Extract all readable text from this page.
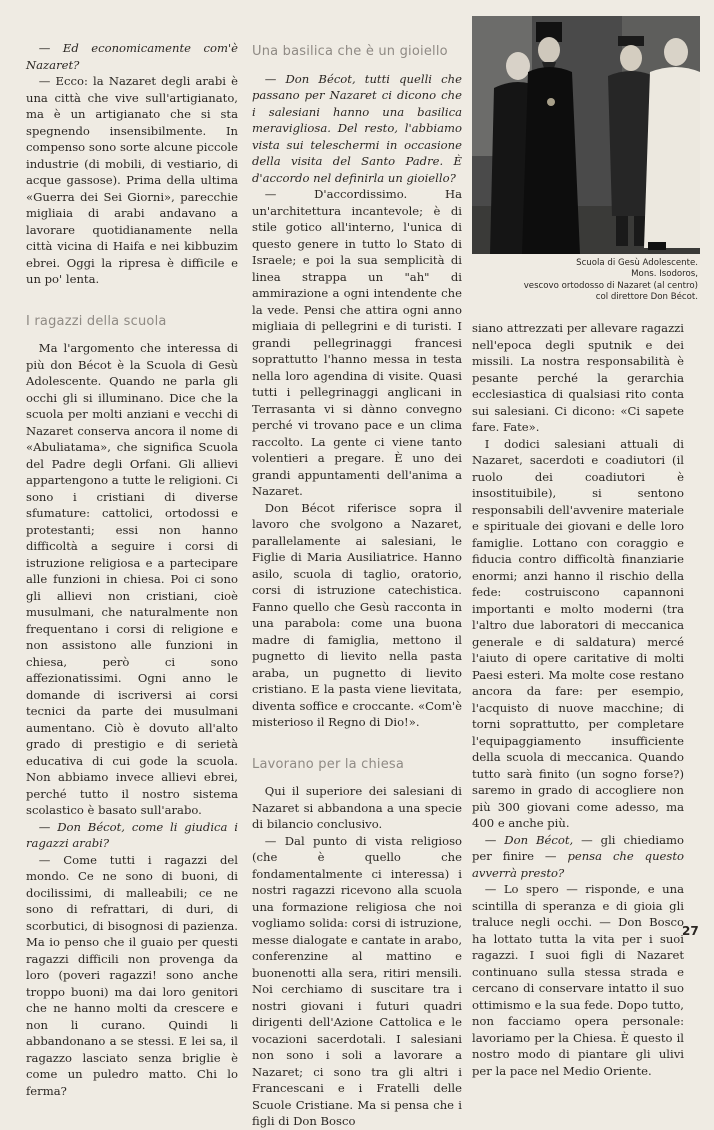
— Ed economicamente com'è Nazaret?

— Ecco: la Nazaret degli arabi è una città che vive sull'artigianato, ma è un artigianato che si sta spegnendo insensibilmente. In compenso sono sorte alcune piccole industrie (di mobili, di vestiario, di acque gassose). Prima della ultima «Guerra dei Sei Giorni», parecchie migliaia di arabi andavano a lavorare quotidianamente nella città vicina di Haifa e nei kibbuzim ebrei. Oggi la ripresa è difficile e un po' lenta.

I ragazzi della scuola

Ma l'argomento che interessa di più don Bécot è la Scuola di Gesù Adolescente. Quando ne parla gli occhi gli si illuminano. Dice che la scuola per molti anziani e vecchi di Nazaret conserva ancora il nome di «Abuliatama», che significa Scuola del Padre degli Orfani. Gli allievi appartengono a tutte le religioni. Ci sono i cristiani di diverse sfumature: cattolici, ortodossi e protestanti; essi non hanno difficoltà a seguire i corsi di istruzione religiosa e a partecipare alle funzioni in chiesa. Poi ci sono gli allievi non cristiani, cioè musulmani, che naturalmente non frequentano i corsi di religione e non assistono alle funzioni in chiesa, però ci sono affezionatissimi. Ogni anno le domande di iscriversi ai corsi tecnici da parte dei musulmani aumentano. Ciò è dovuto all'alto grado di prestigio e di serietà educativa di cui gode la scuola. Non abbiamo invece allievi ebrei, perché tutto il nostro sistema scolastico è basato sull'arabo.

— Don Bécot, come li giudica i ragazzi arabi?

— Come tutti i ragazzi del mondo. Ce ne sono di buoni, di docilissimi, di malleabili; ce ne sono di refrattari, di duri, di scorbutici, di bisognosi di pazienza. Ma io penso che il guaio per questi ragazzi difficili non provenga da loro (poveri ragazzi! sono anche troppo buoni) ma dai loro genitori che ne hanno molti da crescere e non li curano. Quindi li abbandonano a se stessi. E lei sa, il ragazzo lasciato senza briglie è come un puledro matto. Chi lo ferma?

Una basilica che è un gioiello

— Don Bécot, tutti quelli che passano per Nazaret ci dicono che i salesiani hanno una basilica meravigliosa. Del resto, l'abbiamo vista sui teleschermi in occasione della visita del Santo Padre. È d'accordo nel definirla un gioiello?

— D'accordissimo. Ha un'architettura incantevole; è di stile gotico all'interno, l'unica di questo genere in tutto lo Stato di Israele; e poi la sua semplicità di linea strappa un "ah" di ammirazione a ogni intendente che la vede. Pensi che attira ogni anno migliaia di pellegrini e di turisti. I grandi pellegrinaggi francesi soprattutto l'hanno messa in testa nella loro agendina di visite. Quasi tutti i pellegrinaggi anglicani in Terrasanta vi si dànno convegno perché vi trovano pace e un clima raccolto. La gente ci viene tanto volentieri a pregare. È uno dei grandi appuntamenti dell'anima a Nazaret.

Don Bécot riferisce sopra il lavoro che svolgono a Nazaret, parallelamente ai salesiani, le Figlie di Maria Ausiliatrice. Hanno asilo, scuola di taglio, oratorio, corsi di istruzione catechistica. Fanno quello che Gesù racconta in una parabola: come una buona madre di famiglia, mettono il pugnetto di lievito nella pasta araba, un pugnetto di lievito cristiano. E la pasta viene lievitata, diventa soffice e croccante. «Com'è misterioso il Regno di Dio!».

Lavorano per la chiesa

Qui il superiore dei salesiani di Nazaret si abbandona a una specie di bilancio conclusivo.

— Dal punto di vista religioso (che è quello che fondamentalmente ci interessa) i nostri ragazzi ricevono alla scuola una formazione religiosa che noi vogliamo solida: corsi di istruzione, messe dialogate e cantate in arabo, conferenzine al mattino e buonenotti alla sera, ritiri mensili. Noi cerchiamo di suscitare tra i nostri giovani i futuri quadri dirigenti dell'Azione Cattolica e le vocazioni sacerdotali. I salesiani non sono i soli a lavorare a Nazaret; ci sono tra gli altri i Francescani e i Fratelli delle Scuole Cristiane. Ma si pensa che i figli di Don Bosco

Scuola di Gesù Adolescente.
Mons. Isodoros,
vescovo ortodosso di Nazaret (al centro)
col direttore Don Bécot.

siano attrezzati per allevare ragazzi nell'epoca degli sputnik e dei missili. La nostra responsabilità è pesante perché la gerarchia ecclesiastica di qualsiasi rito conta sui salesiani. Ci dicono: «Ci sapete fare. Fate».

I dodici salesiani attuali di Nazaret, sacerdoti e coadiutori (il ruolo dei coadiutori è insostituibile), si sentono responsabili dell'avvenire materiale e spirituale dei giovani e delle loro famiglie. Lottano con coraggio e fiducia contro difficoltà finanziarie enormi; anzi hanno il rischio della fede: costruiscono capannoni importanti e molto moderni (tra l'altro due laboratori di meccanica generale e di saldatura) mercé l'aiuto di opere caritative di molti Paesi esteri. Ma molte cose restano ancora da fare: per esempio, l'acquisto di nuove macchine; di torni soprattutto, per completare l'equipaggiamento insufficiente della scuola di meccanica. Quando tutto sarà finito (un sogno forse?) saremo in grado di accogliere non più 300 giovani come adesso, ma 400 e anche più.

— Don Bécot, — gli chiediamo per finire — pensa che questo avverrà presto?

— Lo spero — risponde, e una scintilla di speranza e di gioia gli traluce negli occhi. — Don Bosco ha lottato tutta la vita per i suoi ragazzi. I suoi figli di Nazaret continuano sulla stessa strada e cercano di conservare intatto il suo ottimismo e la sua fede. Dopo tutto, non facciamo opera personale: lavoriamo per la Chiesa. È questo il nostro modo di piantare gli ulivi per la pace nel Medio Oriente.

27
